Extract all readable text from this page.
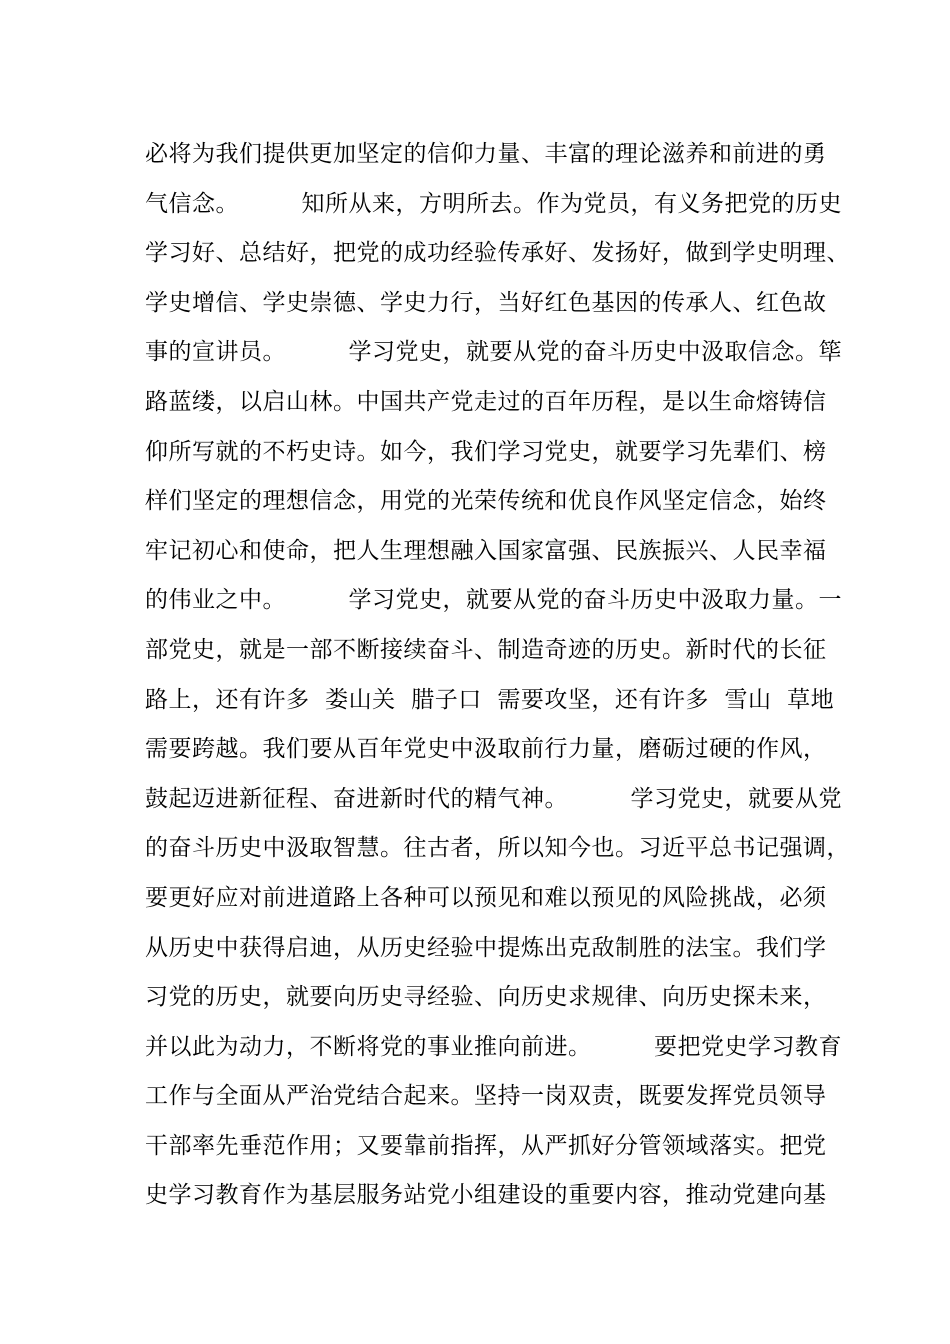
必将为我们提供更加坚定的信仰力量、丰富的理论滋养和前进的勇
气信念。        知所从来，方明所去。作为党员，有义务把党的历史
学习好、总结好，把党的成功经验传承好、发扬好，做到学史明理、
学史增信、学史崇德、学史力行，当好红色基因的传承人、红色故
事的宣讲员。        学习党史，就要从党的奋斗历史中汲取信念。筚
路蓝缕，以启山林。中国共产党走过的百年历程，是以生命熔铸信
仰所写就的不朽史诗。如今，我们学习党史，就要学习先辈们、榜
样们坚定的理想信念，用党的光荣传统和优良作风坚定信念，始终
牢记初心和使命，把人生理想融入国家富强、民族振兴、人民幸福
的伟业之中。        学习党史，就要从党的奋斗历史中汲取力量。一
部党史，就是一部不断接续奋斗、制造奇迹的历史。新时代的长征
路上，还有许多  娄山关  腊子口  需要攻坚，还有许多  雪山  草地
需要跨越。我们要从百年党史中汲取前行力量，磨砺过硬的作风，
鼓起迈进新征程、奋进新时代的精气神。        学习党史，就要从党
的奋斗历史中汲取智慧。往古者，所以知今也。习近平总书记强调，
要更好应对前进道路上各种可以预见和难以预见的风险挑战，必须
从历史中获得启迪，从历史经验中提炼出克敌制胜的法宝。我们学
习党的历史，就要向历史寻经验、向历史求规律、向历史探未来，
并以此为动力，不断将党的事业推向前进。        要把党史学习教育
工作与全面从严治党结合起来。坚持一岗双责，既要发挥党员领导
干部率先垂范作用；又要靠前指挥，从严抓好分管领域落实。把党
史学习教育作为基层服务站党小组建设的重要内容，推动党建向基
